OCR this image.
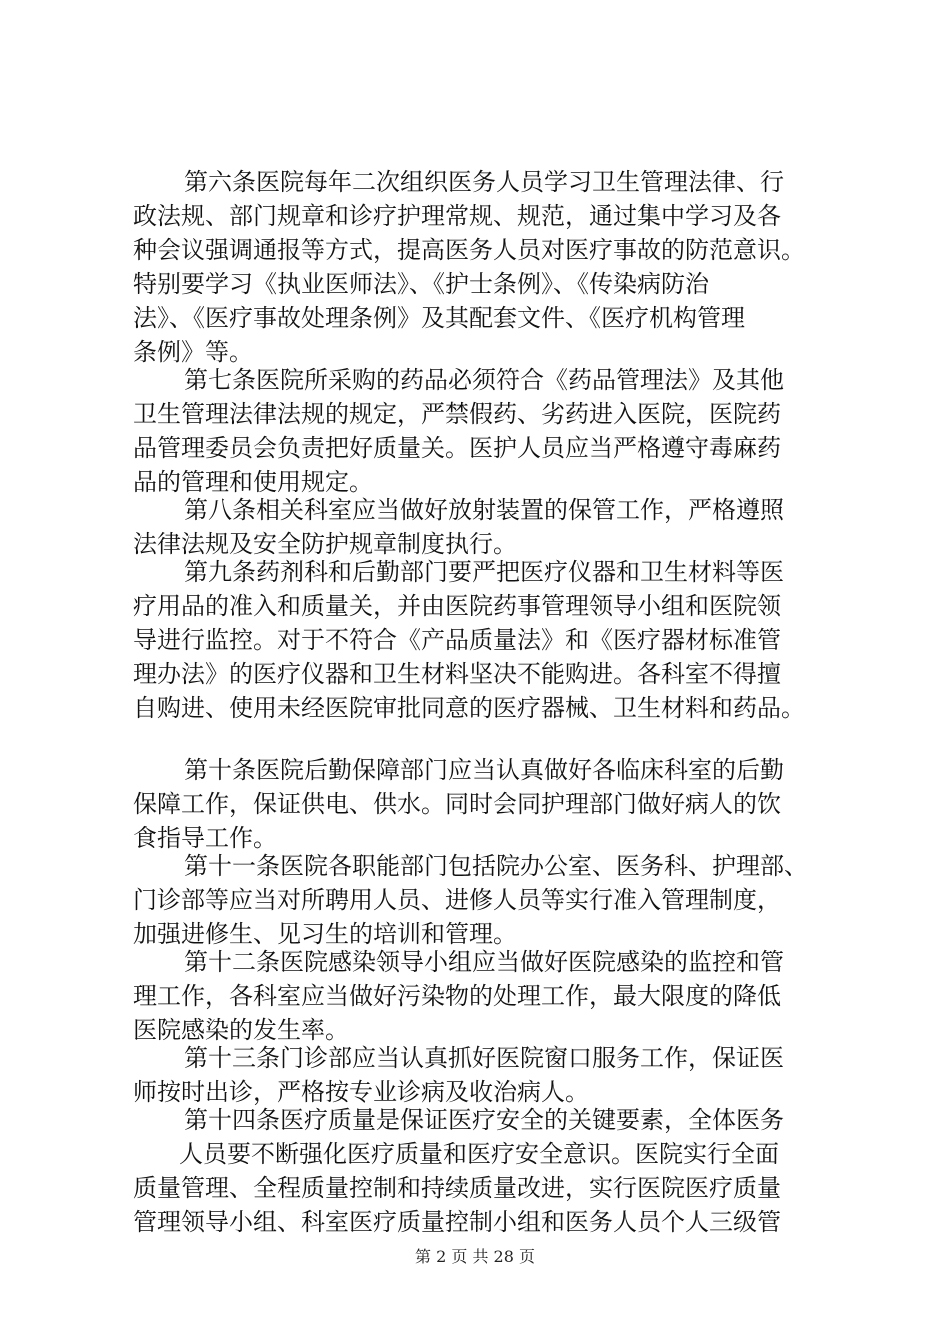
第六条医院每年二次组织医务人员学习卫生管理法律、行
政法规、部门规章和诊疗护理常规、规范，通过集中学习及各
种会议强调通报等方式，提高医务人员对医疗事故的防范意识。
特别要学习《执业医师法》、《护士条例》、《传染病防治
法》、《医疗事故处理条例》及其配套文件、《医疗机构管理
条例》等。
第七条医院所采购的药品必须符合《药品管理法》及其他
卫生管理法律法规的规定，严禁假药、劣药进入医院，医院药
品管理委员会负责把好质量关。医护人员应当严格遵守毒麻药
品的管理和使用规定。
第八条相关科室应当做好放射装置的保管工作，严格遵照
法律法规及安全防护规章制度执行。
第九条药剂科和后勤部门要严把医疗仪器和卫生材料等医
疗用品的准入和质量关，并由医院药事管理领导小组和医院领
导进行监控。对于不符合《产品质量法》和《医疗器材标准管
理办法》的医疗仪器和卫生材料坚决不能购进。各科室不得擅
自购进、使用未经医院审批同意的医疗器械、卫生材料和药品。
第十条医院后勤保障部门应当认真做好各临床科室的后勤
保障工作，保证供电、供水。同时会同护理部门做好病人的饮
食指导工作。
第十一条医院各职能部门包括院办公室、医务科、护理部、
门诊部等应当对所聘用人员、进修人员等实行准入管理制度，
加强进修生、见习生的培训和管理。
第十二条医院感染领导小组应当做好医院感染的监控和管
理工作，各科室应当做好污染物的处理工作，最大限度的降低
医院感染的发生率。
第十三条门诊部应当认真抓好医院窗口服务工作，保证医
师按时出诊，严格按专业诊病及收治病人。
第十四条医疗质量是保证医疗安全的关键要素，全体医务
人员要不断强化医疗质量和医疗安全意识。医院实行全面
质量管理、全程质量控制和持续质量改进，实行医院医疗质量
管理领导小组、科室医疗质量控制小组和医务人员个人三级管
第 2 页 共 28 页
